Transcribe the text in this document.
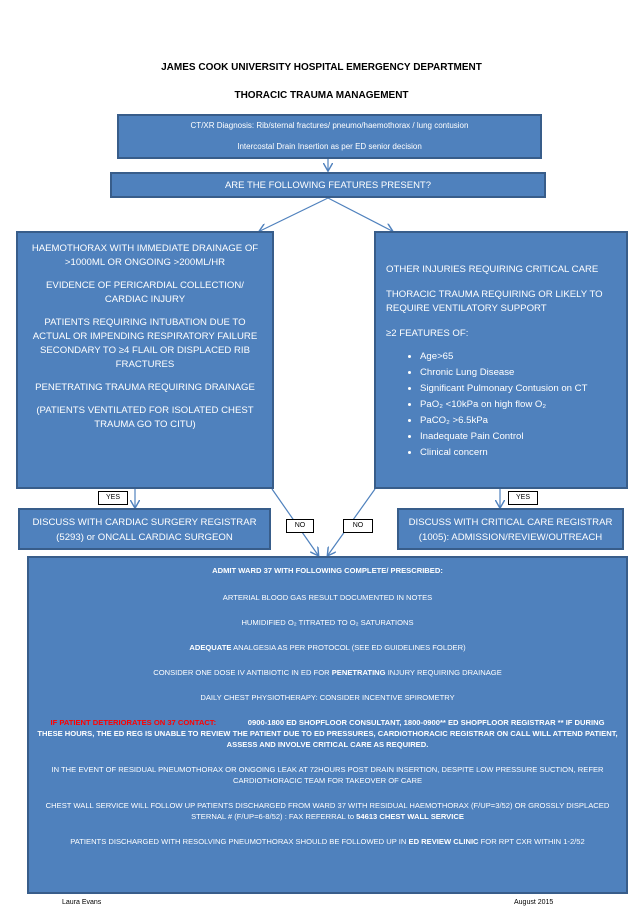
JAMES COOK UNIVERSITY HOSPITAL EMERGENCY DEPARTMENT
THORACIC TRAUMA MANAGEMENT
CT/XR Diagnosis: Rib/sternal fractures/ pneumo/haemothorax / lung contusion
Intercostal Drain Insertion as per ED senior decision
ARE THE FOLLOWING FEATURES PRESENT?

HAEMOTHORAX WITH IMMEDIATE DRAINAGE OF >1000ML OR ONGOING >200ML/HR

EVIDENCE OF PERICARDIAL COLLECTION/ CARDIAC INJURY

PATIENTS REQUIRING INTUBATION DUE TO ACTUAL OR IMPENDING RESPIRATORY FAILURE SECONDARY TO ≥4 FLAIL OR DISPLACED RIB FRACTURES

PENETRATING TRAUMA REQUIRING DRAINAGE

(PATIENTS VENTILATED FOR ISOLATED CHEST TRAUMA GO TO CITU)

OTHER INJURIES REQUIRING CRITICAL CARE

THORACIC TRAUMA REQUIRING OR LIKELY TO REQUIRE VENTILATORY SUPPORT

≥2 FEATURES OF:

• Age>65
• Chronic Lung Disease
• Significant Pulmonary Contusion on CT
• PaO₂ <10kPa on high flow O₂
• PaCO₂ >6.5kPa
• Inadequate Pain Control
• Clinical concern
YES	YES
NO	NO
DISCUSS WITH CARDIAC SURGERY REGISTRAR
(5293) or ONCALL CARDIAC SURGEON
DISCUSS WITH CRITICAL CARE REGISTRAR
(1005): ADMISSION/REVIEW/OUTREACH

ADMIT WARD 37 WITH FOLLOWING COMPLETE/ PRESCRIBED:

ARTERIAL BLOOD GAS RESULT DOCUMENTED IN NOTES

HUMIDIFIED O₂ TITRATED TO O₂ SATURATIONS

ADEQUATE ANALGESIA AS PER PROTOCOL (SEE ED GUIDELINES FOLDER)

CONSIDER ONE DOSE IV ANTIBIOTIC IN ED FOR PENETRATING INJURY REQUIRING DRAINAGE

DAILY CHEST PHYSIOTHERAPY: CONSIDER INCENTIVE SPIROMETRY

IF PATIENT DETERIORATES ON 37 CONTACT:	0900-1800 ED SHOPFLOOR CONSULTANT, 1800-0900** ED SHOPFLOOR REGISTRAR ** IF DURING THESE HOURS, THE ED REG IS UNABLE TO REVIEW THE PATIENT DUE TO ED PRESSURES, CARDIOTHORACIC REGISTRAR ON CALL WILL ATTEND PATIENT, ASSESS AND INVOLVE CRITICAL CARE AS REQUIRED.

IN THE EVENT OF RESIDUAL PNEUMOTHORAX OR ONGOING LEAK AT 72HOURS POST DRAIN INSERTION, DESPITE LOW PRESSURE SUCTION, REFER CARDIOTHORACIC TEAM FOR TAKEOVER OF CARE

CHEST WALL SERVICE WILL FOLLOW UP PATIENTS DISCHARGED FROM WARD 37 WITH RESIDUAL HAEMOTHORAX (F/UP=3/52) OR GROSSLY DISPLACED STERNAL # (F/UP=6-8/52) : FAX REFERRAL to 54613 CHEST WALL SERVICE

PATIENTS DISCHARGED WITH RESOLVING PNEUMOTHORAX SHOULD BE FOLLOWED UP IN ED REVIEW CLINIC FOR RPT CXR WITHIN 1-2/52

Laura Evans	August 2015
